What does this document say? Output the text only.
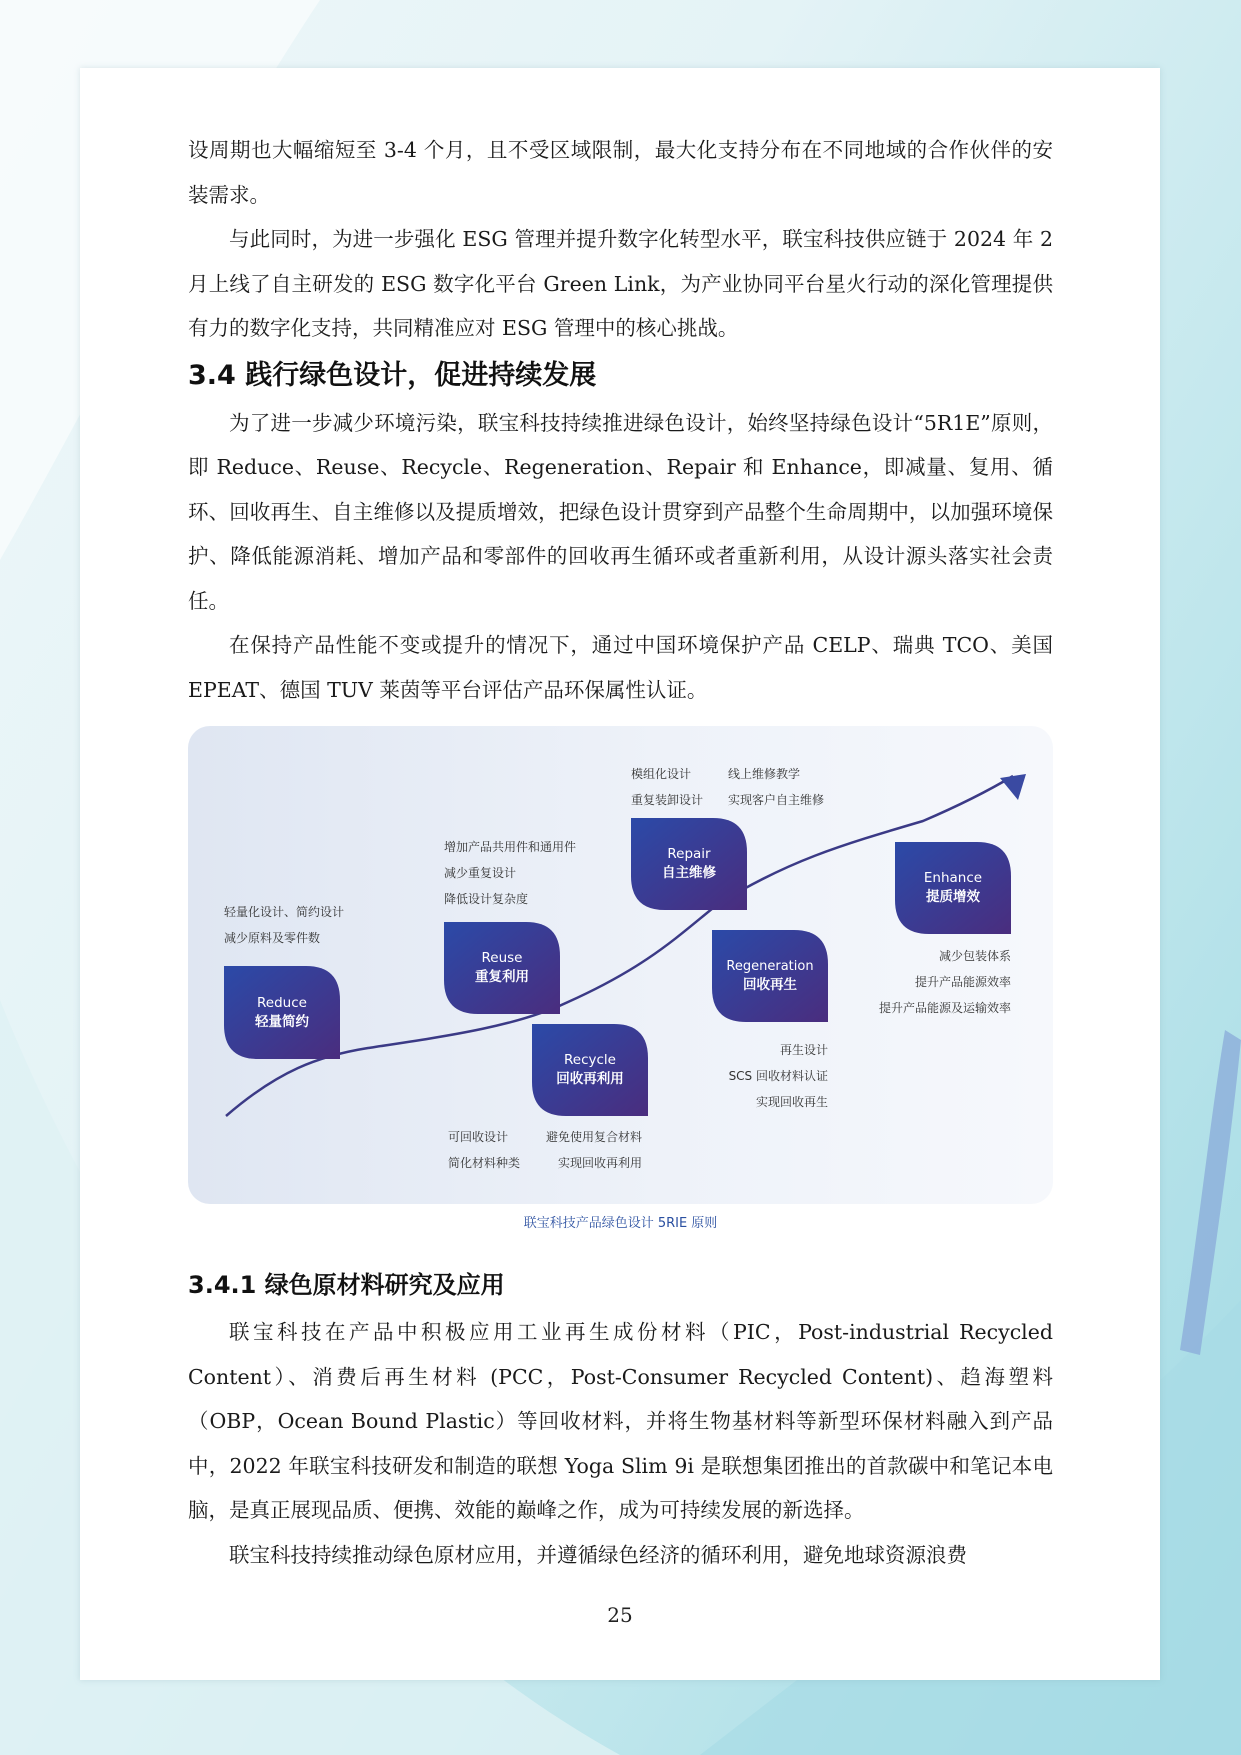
设周期也大幅缩短至 3-4 个月，且不受区域限制，最大化支持分布在不同地域的合作伙伴的安装需求。

与此同时，为进一步强化 ESG 管理并提升数字化转型水平，联宝科技供应链于 2024 年 2 月上线了自主研发的 ESG 数字化平台 Green Link，为产业协同平台星火行动的深化管理提供有力的数字化支持，共同精准应对 ESG 管理中的核心挑战。

3.4 践行绿色设计，促进持续发展

为了进一步减少环境污染，联宝科技持续推进绿色设计，始终坚持绿色设计“5R1E”原则，即 Reduce、Reuse、Recycle、Regeneration、Repair 和 Enhance，即减量、复用、循环、回收再生、自主维修以及提质增效，把绿色设计贯穿到产品整个生命周期中，以加强环境保护、降低能源消耗、增加产品和零部件的回收再生循环或者重新利用，从设计源头落实社会责任。

在保持产品性能不变或提升的情况下，通过中国环境保护产品 CELP、瑞典 TCO、美国 EPEAT、德国 TUV 莱茵等平台评估产品环保属性认证。

Reduce
轻量简约
轻量化设计、简约设计
减少原料及零件数
Reuse
重复利用
增加产品共用件和通用件
减少重复设计
降低设计复杂度
Recycle
回收再利用
可回收设计	避免使用复合材料
简化材料种类	实现回收再利用
Repair
自主维修
模组化设计	线上维修教学
重复装卸设计 实现客户自主维修
Regeneration
回收再生
再生设计
SCS 回收材料认证
实现回收再生
Enhance
提质增效
减少包装体系
提升产品能源效率
提升产品能源及运输效率
联宝科技产品绿色设计 5RIE 原则

3.4.1 绿色原材料研究及应用

联宝科技在产品中积极应用工业再生成份材料（PIC，Post-industrial Recycled Content）、消费后再生材料 (PCC，Post-Consumer Recycled Content)、趋海塑料（OBP，Ocean Bound Plastic）等回收材料，并将生物基材料等新型环保材料融入到产品中，2022 年联宝科技研发和制造的联想 Yoga Slim 9i 是联想集团推出的首款碳中和笔记本电脑，是真正展现品质、便携、效能的巅峰之作，成为可持续发展的新选择。

联宝科技持续推动绿色原材应用，并遵循绿色经济的循环利用，避免地球资源浪费

25
